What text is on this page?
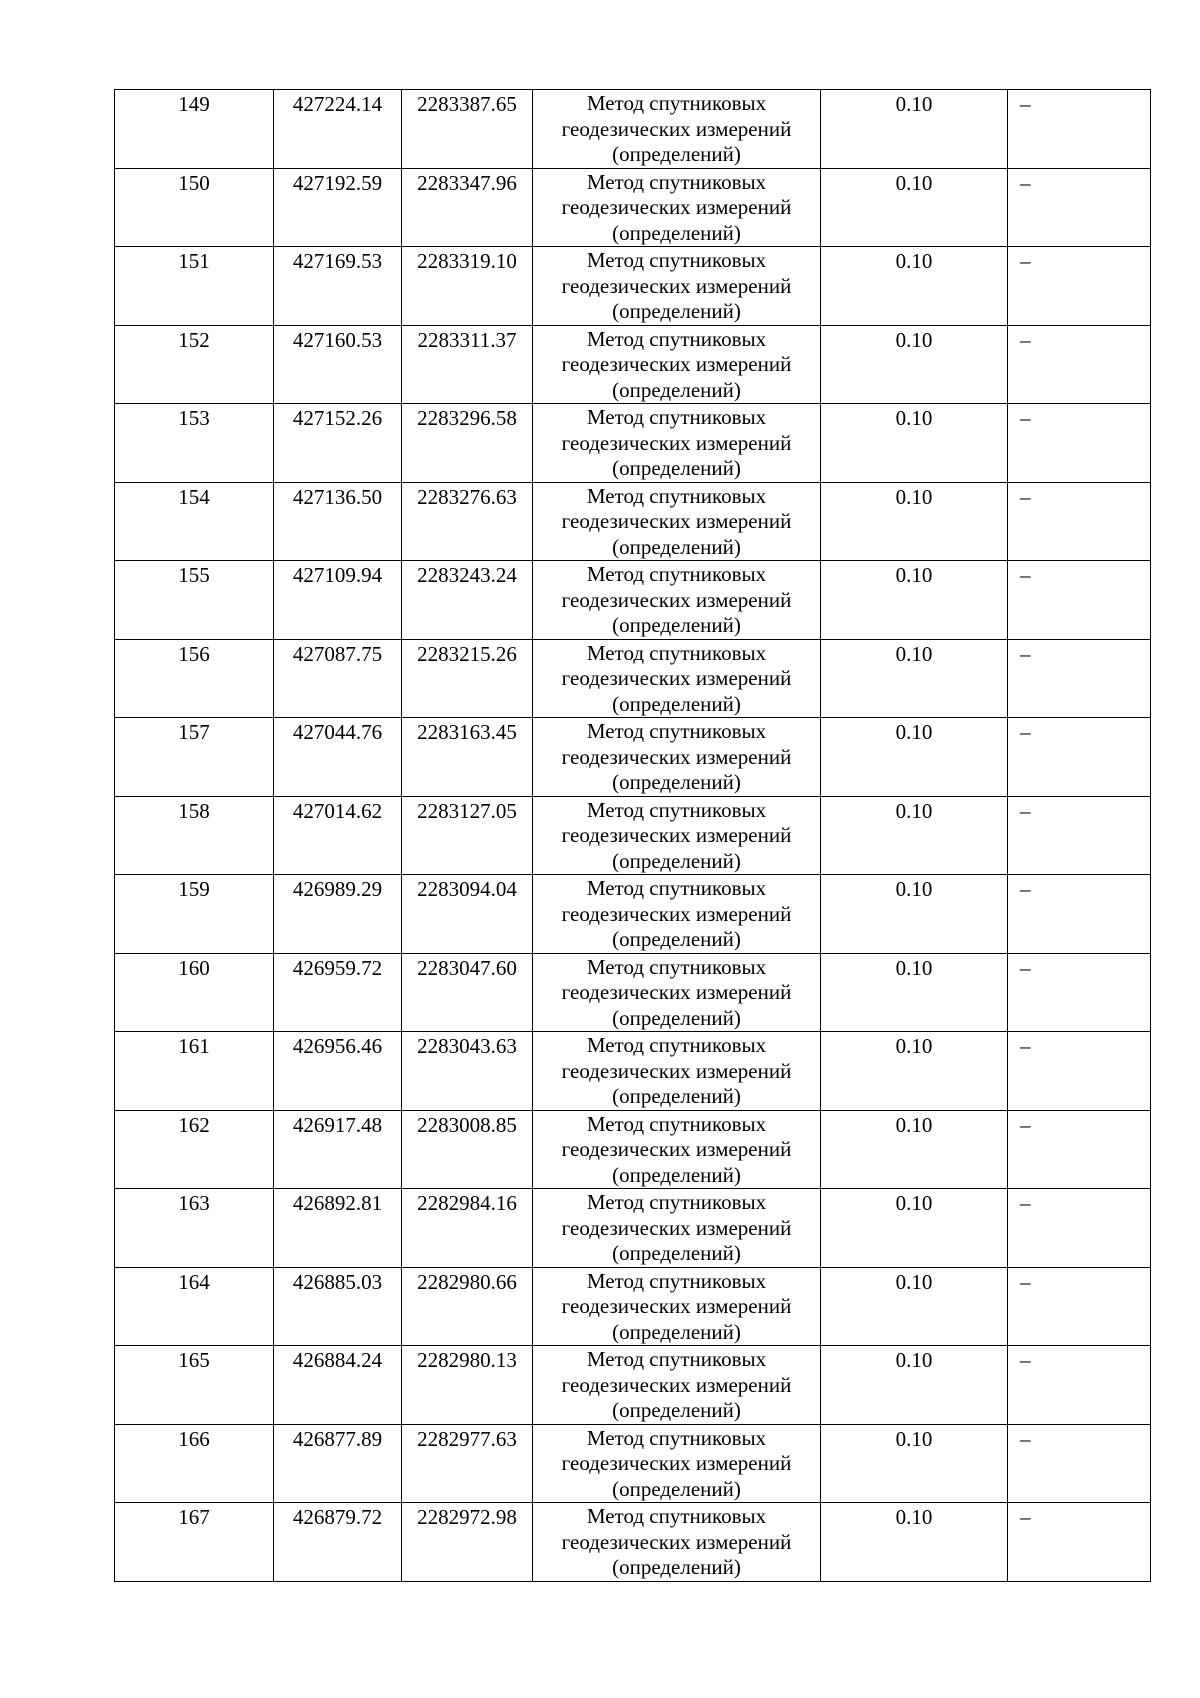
149	427224.14	2283387.65	Метод спутниковых
геодезических измерений
(определений)	0.10	–

150	427192.59	2283347.96	Метод спутниковых
геодезических измерений
(определений)	0.10	–

151	427169.53	2283319.10	Метод спутниковых
геодезических измерений
(определений)	0.10	–

152	427160.53	2283311.37	Метод спутниковых
геодезических измерений
(определений)	0.10	–

153	427152.26	2283296.58	Метод спутниковых
геодезических измерений
(определений)	0.10	–

154	427136.50	2283276.63	Метод спутниковых
геодезических измерений
(определений)	0.10	–

155	427109.94	2283243.24	Метод спутниковых
геодезических измерений
(определений)	0.10	–

156	427087.75	2283215.26	Метод спутниковых
геодезических измерений
(определений)	0.10	–

157	427044.76	2283163.45	Метод спутниковых
геодезических измерений
(определений)	0.10	–

158	427014.62	2283127.05	Метод спутниковых
геодезических измерений
(определений)	0.10	–

159	426989.29	2283094.04	Метод спутниковых
геодезических измерений
(определений)	0.10	–

160	426959.72	2283047.60	Метод спутниковых
геодезических измерений
(определений)	0.10	–

161	426956.46	2283043.63	Метод спутниковых
геодезических измерений
(определений)	0.10	–

162	426917.48	2283008.85	Метод спутниковых
геодезических измерений
(определений)	0.10	–

163	426892.81	2282984.16	Метод спутниковых
геодезических измерений
(определений)	0.10	–

164	426885.03	2282980.66	Метод спутниковых
геодезических измерений
(определений)	0.10	–

165	426884.24	2282980.13	Метод спутниковых
геодезических измерений
(определений)	0.10	–

166	426877.89	2282977.63	Метод спутниковых
геодезических измерений
(определений)	0.10	–

167	426879.72	2282972.98	Метод спутниковых
геодезических измерений
(определений)	0.10	–
